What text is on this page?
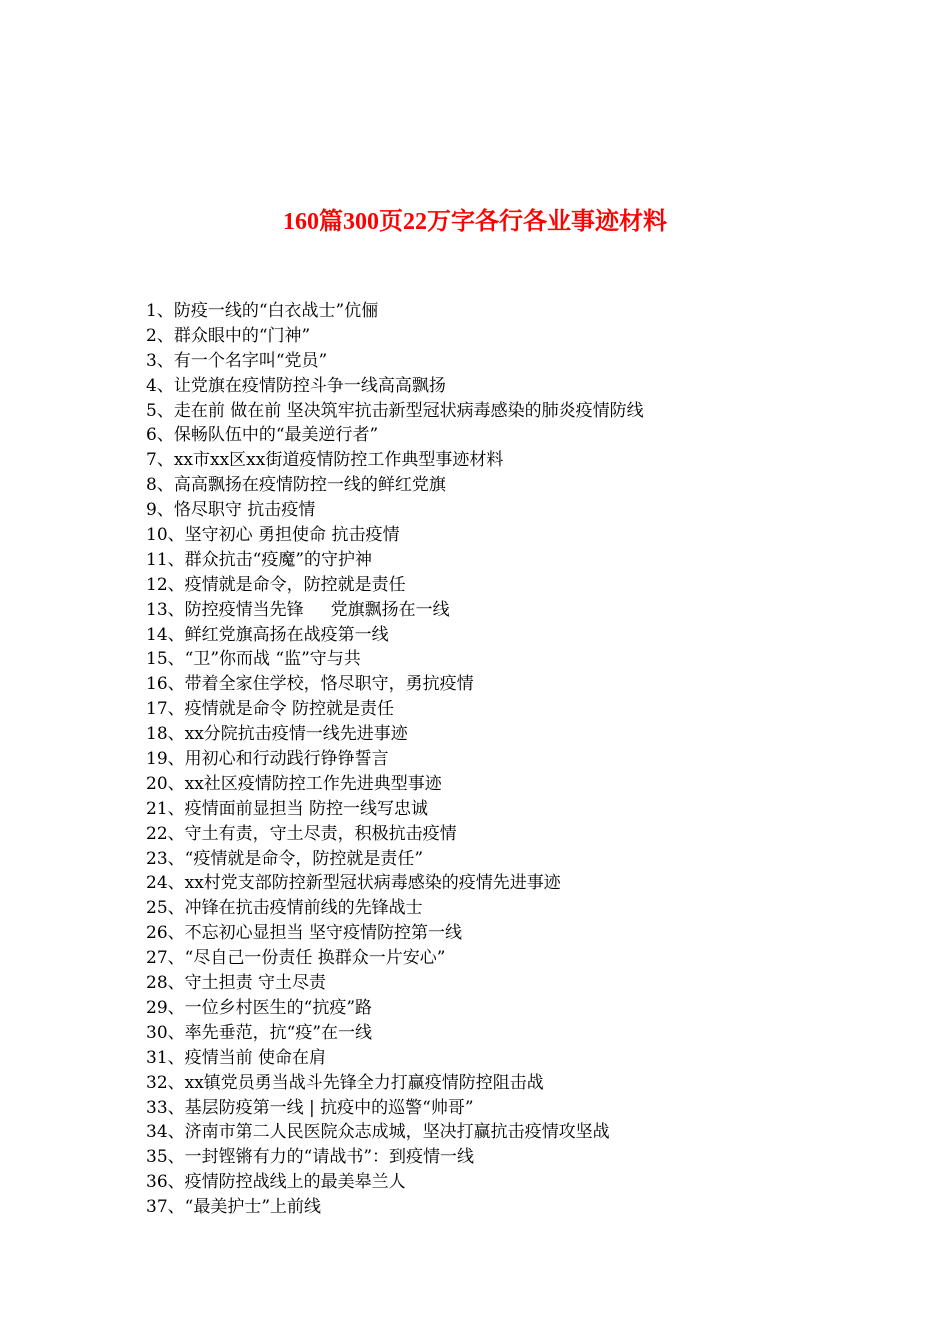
160篇300页22万字各行各业事迹材料
1、防疫一线的“白衣战士”伉俪
2、群众眼中的“门神”
3、有一个名字叫“党员”
4、让党旗在疫情防控斗争一线高高飘扬
5、走在前 做在前 坚决筑牢抗击新型冠状病毒感染的肺炎疫情防线
6、保畅队伍中的“最美逆行者”
7、xx市xx区xx街道疫情防控工作典型事迹材料
8、高高飘扬在疫情防控一线的鲜红党旗
9、恪尽职守 抗击疫情
10、坚守初心 勇担使命 抗击疫情
11、群众抗击“疫魔”的守护神
12、疫情就是命令，防控就是责任
13、防控疫情当先锋     党旗飘扬在一线
14、鲜红党旗高扬在战疫第一线
15、“卫”你而战 “监”守与共
16、带着全家住学校，恪尽职守，勇抗疫情
17、疫情就是命令 防控就是责任
18、xx分院抗击疫情一线先进事迹
19、用初心和行动践行铮铮誓言
20、xx社区疫情防控工作先进典型事迹
21、疫情面前显担当 防控一线写忠诚
22、守土有责，守土尽责，积极抗击疫情
23、“疫情就是命令，防控就是责任”
24、xx村党支部防控新型冠状病毒感染的疫情先进事迹
25、冲锋在抗击疫情前线的先锋战士
26、不忘初心显担当 坚守疫情防控第一线
27、“尽自己一份责任 换群众一片安心”
28、守土担责 守土尽责
29、一位乡村医生的“抗疫”路
30、率先垂范，抗“疫”在一线
31、疫情当前 使命在肩
32、xx镇党员勇当战斗先锋全力打赢疫情防控阻击战
33、基层防疫第一线 | 抗疫中的巡警“帅哥”
34、济南市第二人民医院众志成城，坚决打赢抗击疫情攻坚战
35、一封铿锵有力的“请战书”：到疫情一线
36、疫情防控战线上的最美皋兰人
37、“最美护士”上前线
